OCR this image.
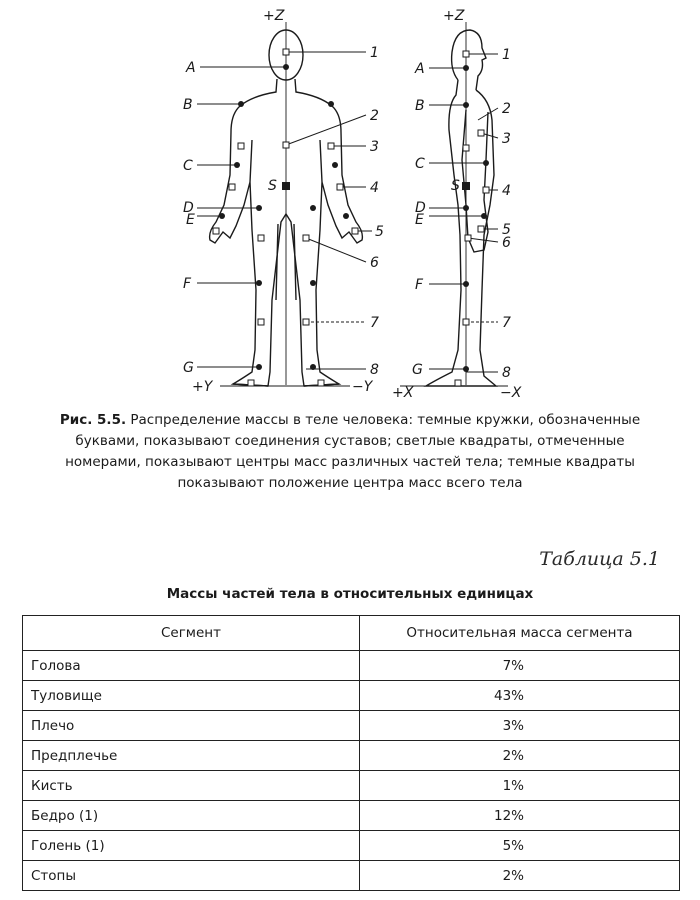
+Z
+Y	−Y
A
B
C
D
E
F
G
S
1
2
3
4
5
6
7
8
+Z
+X	−X
A
B
C
D
E
F
G
S
1
2
3
4
5
6
7
8
Рис. 5.5. Распределение массы в теле человека: темные кружки, обозначенные буквами, показывают соединения суставов; светлые квадраты, отмеченные номерами, показывают центры масс различных частей тела; темные квадраты показывают положение центра масс всего тела
Таблица 5.1
Массы частей тела в относительных единицах
Сегмент	Относительная масса сегмента
Голова	7%
Туловище	43%
Плечо	3%
Предплечье	2%
Кисть	1%
Бедро (1)	12%
Голень (1)	5%
Стопы	2%
